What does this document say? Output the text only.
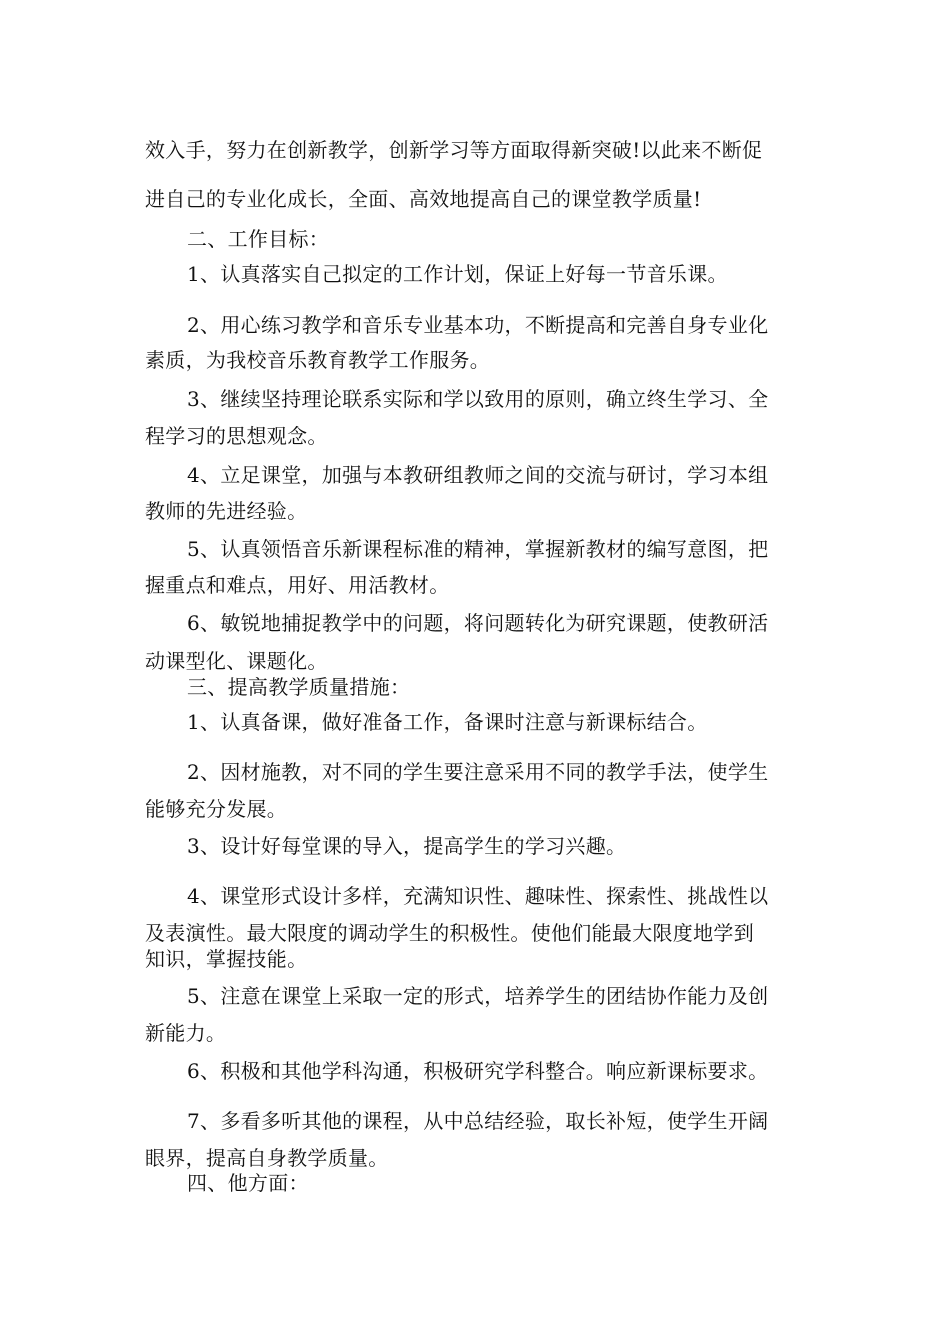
效入手，努力在创新教学，创新学习等方面取得新突破!以此来不断促
进自己的专业化成长，全面、高效地提高自己的课堂教学质量!
二、工作目标：
1、认真落实自己拟定的工作计划，保证上好每一节音乐课。
2、用心练习教学和音乐专业基本功，不断提高和完善自身专业化
素质，为我校音乐教育教学工作服务。
3、继续坚持理论联系实际和学以致用的原则，确立终生学习、全
程学习的思想观念。
4、立足课堂，加强与本教研组教师之间的交流与研讨，学习本组
教师的先进经验。
5、认真领悟音乐新课程标准的精神，掌握新教材的编写意图，把
握重点和难点，用好、用活教材。
6、敏锐地捕捉教学中的问题，将问题转化为研究课题，使教研活
动课型化、课题化。
三、提高教学质量措施：
1、认真备课，做好准备工作，备课时注意与新课标结合。
2、因材施教，对不同的学生要注意采用不同的教学手法，使学生
能够充分发展。
3、设计好每堂课的导入，提高学生的学习兴趣。
4、课堂形式设计多样，充满知识性、趣味性、探索性、挑战性以
及表演性。最大限度的调动学生的积极性。使他们能最大限度地学到
知识，掌握技能。
5、注意在课堂上采取一定的形式，培养学生的团结协作能力及创
新能力。
6、积极和其他学科沟通，积极研究学科整合。响应新课标要求。
7、多看多听其他的课程，从中总结经验，取长补短，使学生开阔
眼界，提高自身教学质量。
四、他方面：
